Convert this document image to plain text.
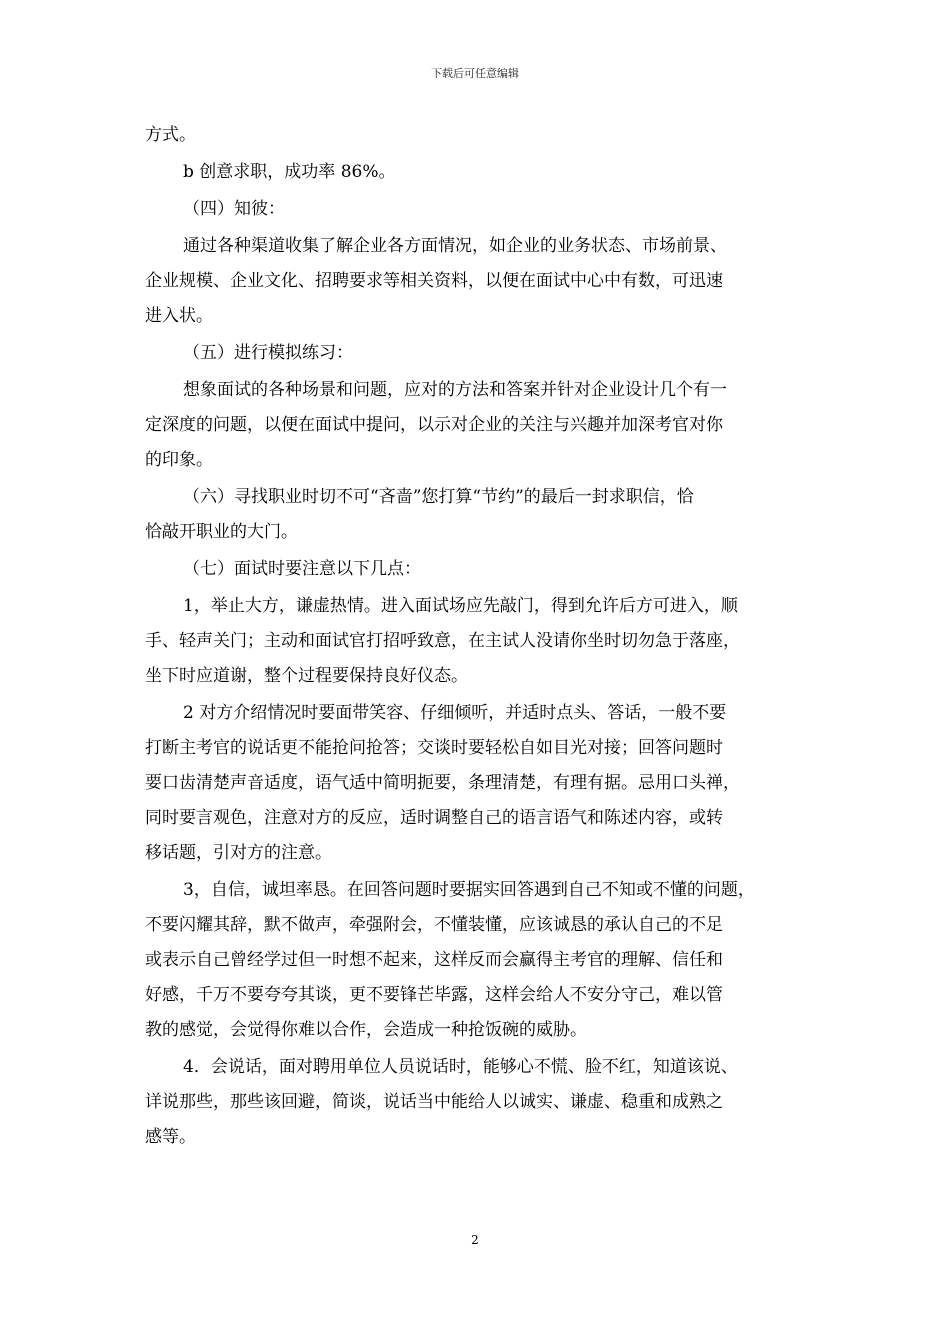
下载后可任意编辑
方式。
b 创意求职，成功率 86%。
（四）知彼：
通过各种渠道收集了解企业各方面情况，如企业的业务状态、市场前景、
企业规模、企业文化、招聘要求等相关资料，以便在面试中心中有数，可迅速
进入状。
（五）进行模拟练习：
想象面试的各种场景和问题，应对的方法和答案并针对企业设计几个有一
定深度的问题，以便在面试中提问，以示对企业的关注与兴趣并加深考官对你
的印象。
（六）寻找职业时切不可“吝啬”您打算“节约”的最后一封求职信，恰
恰敲开职业的大门。
（七）面试时要注意以下几点：
1，举止大方，谦虚热情。进入面试场应先敲门，得到允许后方可进入，顺
手、轻声关门；主动和面试官打招呼致意，在主试人没请你坐时切勿急于落座，
坐下时应道谢，整个过程要保持良好仪态。
2 对方介绍情况时要面带笑容、仔细倾听，并适时点头、答话，一般不要
打断主考官的说话更不能抢问抢答；交谈时要轻松自如目光对接；回答问题时
要口齿清楚声音适度，语气适中简明扼要，条理清楚，有理有据。忌用口头禅，
同时要言观色，注意对方的反应，适时调整自己的语言语气和陈述内容，或转
移话题，引对方的注意。
3，自信，诚坦率恳。在回答问题时要据实回答遇到自己不知或不懂的问题，
不要闪耀其辞，默不做声，牵强附会，不懂装懂，应该诚恳的承认自己的不足
或表示自己曾经学过但一时想不起来，这样反而会赢得主考官的理解、信任和
好感，千万不要夸夸其谈，更不要锋芒毕露，这样会给人不安分守己，难以管
教的感觉，会觉得你难以合作，会造成一种抢饭碗的威胁。
4．会说话，面对聘用单位人员说话时，能够心不慌、脸不红，知道该说、
详说那些，那些该回避，简谈，说话当中能给人以诚实、谦虚、稳重和成熟之
感等。
2
